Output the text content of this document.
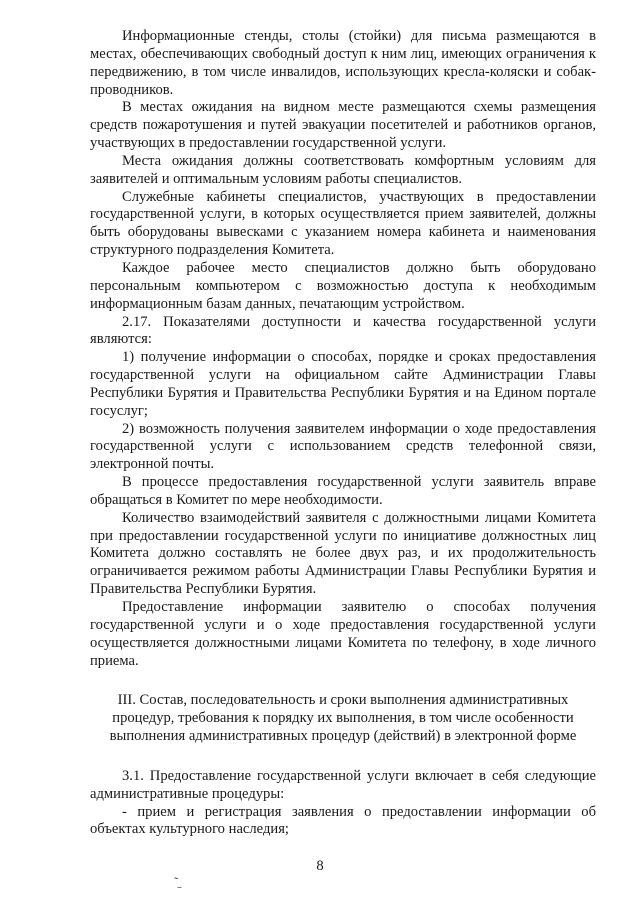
Информационные стенды, столы (стойки) для письма размещаются в местах, обеспечивающих свободный доступ к ним лиц, имеющих ограничения к передвижению, в том числе инвалидов, использующих кресла-коляски и собак-проводников.

В местах ожидания на видном месте размещаются схемы размещения средств пожаротушения и путей эвакуации посетителей и работников органов, участвующих в предоставлении государственной услуги.

Места ожидания должны соответствовать комфортным условиям для заявителей и оптимальным условиям работы специалистов.

Служебные кабинеты специалистов, участвующих в предоставлении государственной услуги, в которых осуществляется прием заявителей, должны быть оборудованы вывесками с указанием номера кабинета и наименования структурного подразделения Комитета.

Каждое рабочее место специалистов должно быть оборудовано персональным компьютером с возможностью доступа к необходимым информационным базам данных, печатающим устройством.

2.17. Показателями доступности и качества государственной услуги являются:

1) получение информации о способах, порядке и сроках предоставления государственной услуги на официальном сайте Администрации Главы Республики Бурятия и Правительства Республики Бурятия и на Едином портале госуслуг;

2) возможность получения заявителем информации о ходе предоставления государственной услуги с использованием средств телефонной связи, электронной почты.

В процессе предоставления государственной услуги заявитель вправе обращаться в Комитет по мере необходимости.

Количество взаимодействий заявителя с должностными лицами Комитета при предоставлении государственной услуги по инициативе должностных лиц Комитета должно составлять не более двух раз, и их продолжительность ограничивается режимом работы Администрации Главы Республики Бурятия и Правительства Республики Бурятия.

Предоставление информации заявителю о способах получения государственной услуги и о ходе предоставления государственной услуги осуществляется должностными лицами Комитета по телефону, в ходе личного приема.

III. Состав, последовательность и сроки выполнения административных процедур, требования к порядку их выполнения, в том числе особенности выполнения административных процедур (действий) в электронной форме

3.1. Предоставление государственной услуги включает в себя следующие административные процедуры:

- прием и регистрация заявления о предоставлении информации об объектах культурного наследия;

8
˜ˍ
